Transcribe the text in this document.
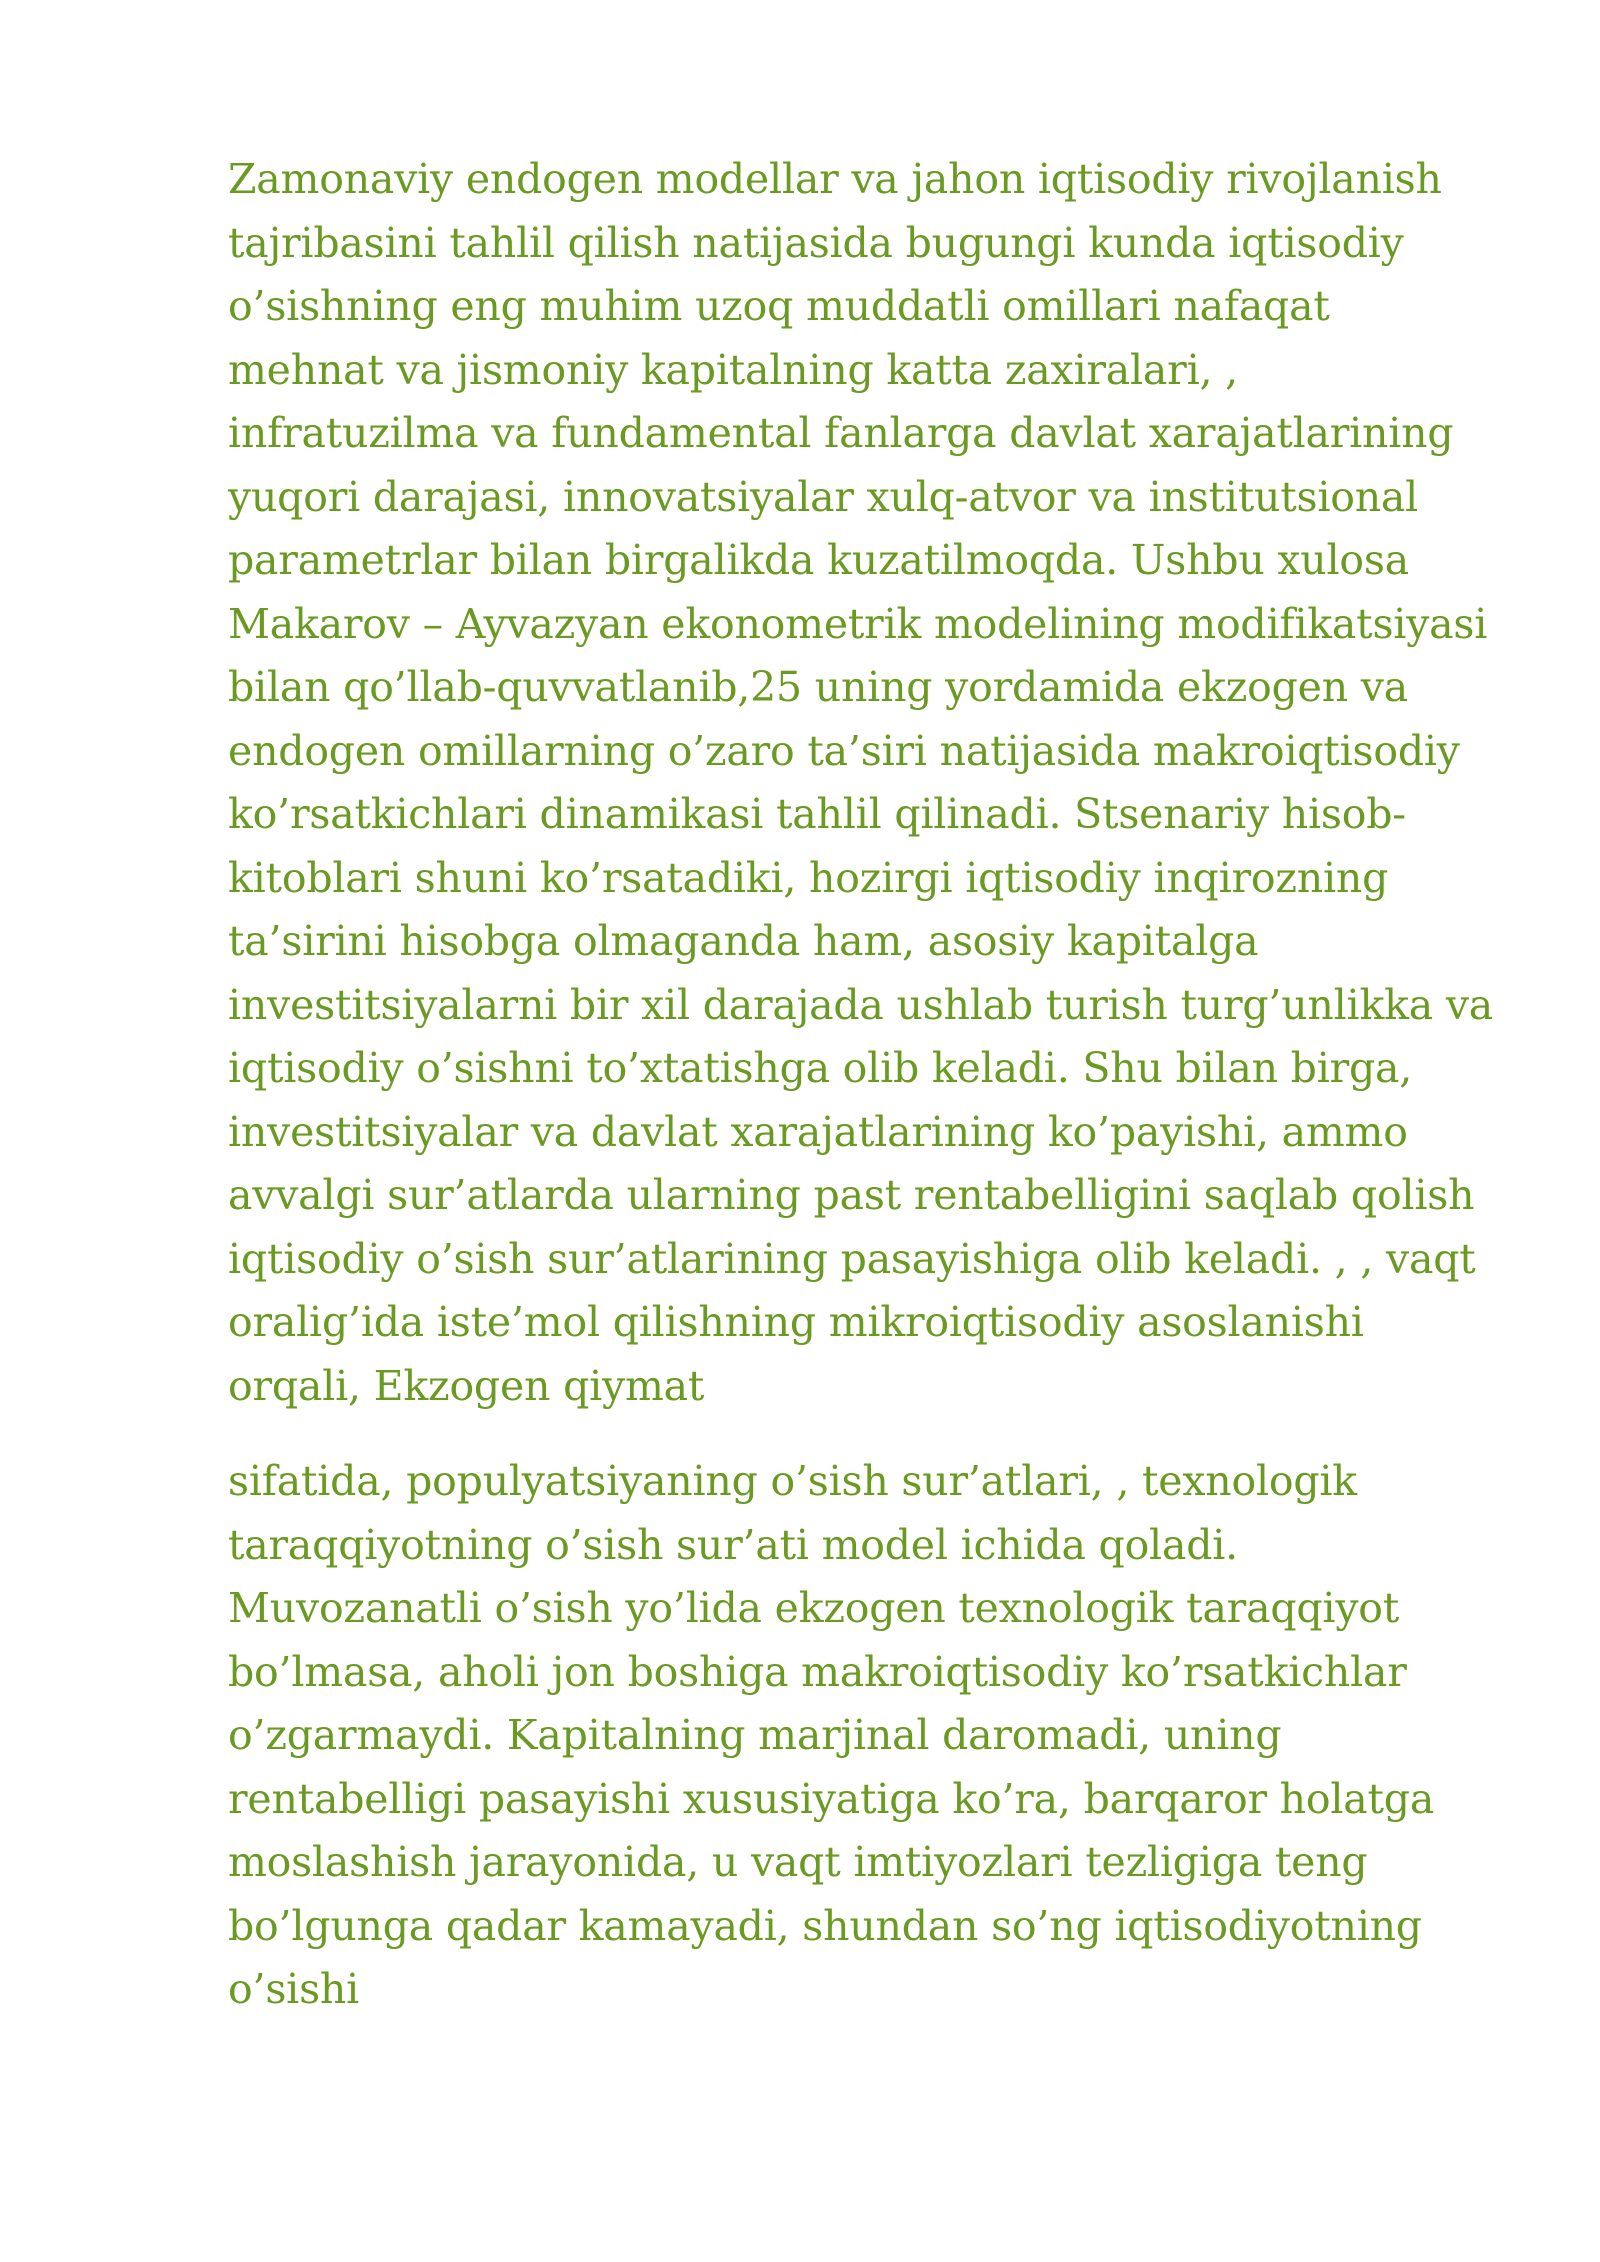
Zamonaviy endogen modellar va jahon iqtisodiy rivojlanish tajribasini tahlil qilish natijasida bugungi kunda iqtisodiy o’sishning eng muhim uzoq muddatli omillari nafaqat mehnat va jismoniy kapitalning katta zaxiralari, , infratuzilma va fundamental fanlarga davlat xarajatlarining yuqori darajasi, innovatsiyalar xulq-atvor va institutsional parametrlar bilan birgalikda kuzatilmoqda. Ushbu xulosa Makarov – Ayvazyan ekonometrik modelining modifikatsiyasi bilan qo’llab-quvvatlanib,25 uning yordamida ekzogen va endogen omillarning o’zaro ta’siri natijasida makroiqtisodiy ko’rsatkichlari dinamikasi tahlil qilinadi. Stsenariy hisob-kitoblari shuni ko’rsatadiki, hozirgi iqtisodiy inqirozning ta’sirini hisobga olmaganda ham, asosiy kapitalga investitsiyalarni bir xil darajada ushlab turish turg’unlikka va iqtisodiy o’sishni to’xtatishga olib keladi. Shu bilan birga, investitsiyalar va davlat xarajatlarining ko’payishi, ammo avvalgi sur’atlarda ularning past rentabelligini saqlab qolish iqtisodiy o’sish sur’atlarining pasayishiga olib keladi. , , vaqt oralig’ida iste’mol qilishning mikroiqtisodiy asoslanishi orqali, Ekzogen qiymat

sifatida, populyatsiyaning o’sish sur’atlari, , texnologik taraqqiyotning o’sish sur’ati model ichida qoladi. Muvozanatli o’sish yo’lida ekzogen texnologik taraqqiyot bo’lmasa, aholi jon boshiga makroiqtisodiy ko’rsatkichlar o’zgarmaydi. Kapitalning marjinal daromadi, uning rentabelligi pasayishi xususiyatiga ko’ra, barqaror holatga moslashish jarayonida, u vaqt imtiyozlari tezligiga teng bo’lgunga qadar kamayadi, shundan so’ng iqtisodiyotning o’sishi
